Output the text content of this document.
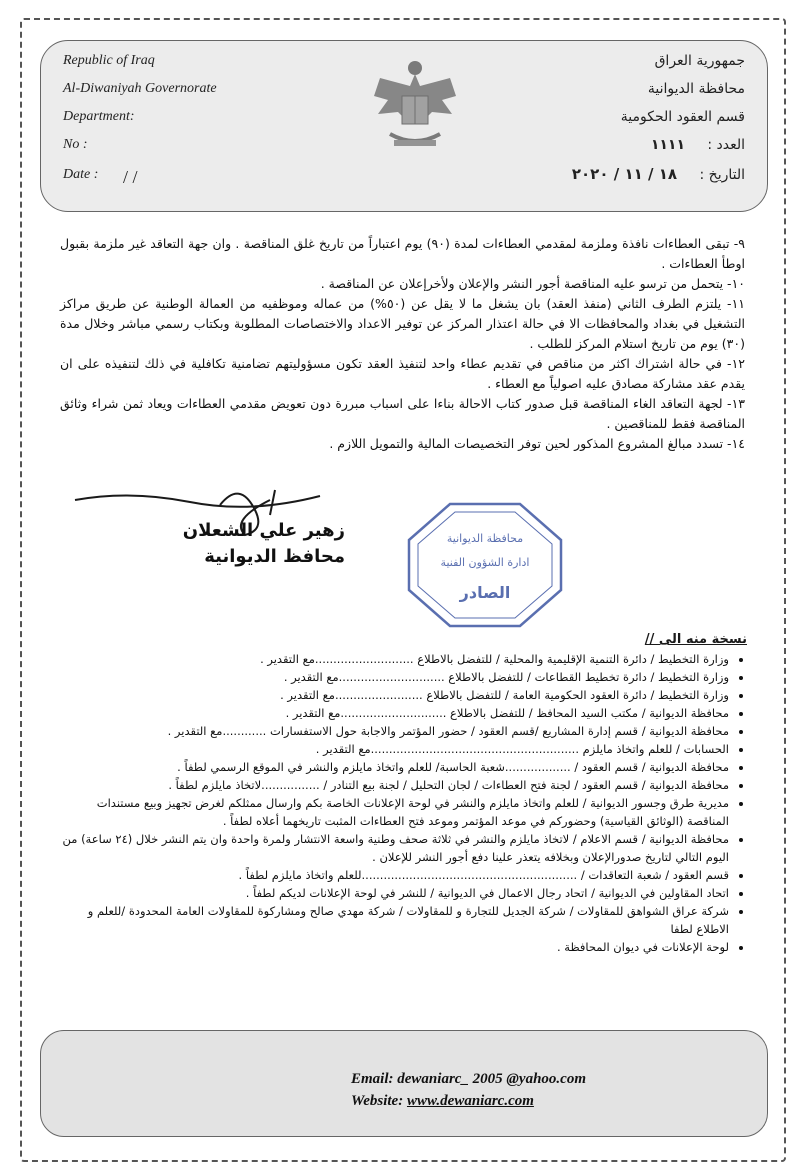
Republic of Iraq
Al-Diwaniyah Governorate
Department:
No :
Date : / /
جمهورية العراق
محافظة الديوانية
قسم العقود الحكومية
العدد :
١١١١
التاريخ :
١٨ / ١١ / ٢٠٢٠

٩- تبقى العطاءات نافذة وملزمة لمقدمي العطاءات لمدة (٩٠) يوم اعتباراً من تاريخ غلق المناقصة . وان جهة التعاقد غير ملزمة بقبول اوطأ العطاءات .

١٠- يتحمل من ترسو عليه المناقصة أجور النشر والإعلان ولأخرإعلان عن المناقصة .

١١- يلتزم الطرف الثاني (منفذ العقد) بان يشغل ما لا يقل عن (٥٠%) من عماله وموظفيه من العمالة الوطنية عن طريق مراكز التشغيل في بغداد والمحافظات الا في حالة اعتذار المركز عن توفير الاعداد والاختصاصات المطلوبة وبكتاب رسمي مباشر وخلال مدة (٣٠) يوم من تاريخ استلام المركز للطلب .

١٢- في حالة اشتراك اكثر من مناقص في تقديم عطاء واحد لتنفيذ العقد تكون مسؤوليتهم تضامنية تكافلية في ذلك لتنفيذه على ان يقدم عقد مشاركة مصادق عليه اصولياً مع العطاء .

١٣- لجهة التعاقد الغاء المناقصة قبل صدور كتاب الاحالة بناءا على اسباب مبررة دون تعويض مقدمي العطاءات ويعاد ثمن شراء وثائق المناقصة فقط للمناقصين .

١٤- تسدد مبالغ المشروع المذكور لحين توفر التخصيصات المالية والتمويل اللازم .

زهير علي الشعلان
محافظ الديوانية
محافظة الديوانية
ادارة الشؤون الفنية
الصادر

نسخة منه الى //

• وزارة التخطيط / دائرة التنمية الإقليمية والمحلية / للتفضل بالاطلاع ...........................مع التقدير .
• وزارة التخطيط / دائرة تخطيط القطاعات / للتفضل بالاطلاع .............................مع التقدير .
• وزارة التخطيط / دائرة العقود الحكومية العامة / للتفضل بالاطلاع ........................مع التقدير .
• محافظة الديوانية / مكتب السيد المحافظ / للتفضل بالاطلاع .............................مع التقدير .
• محافظة الديوانية / قسم إدارة المشاريع /قسم العقود / حضور المؤتمر والاجابة حول الاستفسارات ............مع التقدير .
• الحسابات / للعلم واتخاذ مايلزم .........................................................مع التقدير .
• محافظة الديوانية / قسم العقود / ..................شعبة الحاسبة/ للعلم واتخاذ مايلزم والنشر في الموقع الرسمي لطفاً .
• محافظة الديوانية / قسم العقود / لجنة فتح العطاءات / لجان التحليل / لجنة بيع التنادر / ................لاتخاذ مايلزم لطفاً .
• مديرية طرق وجسور الديوانية / للعلم واتخاذ مايلزم والنشر في لوحة الإعلانات الخاصة بكم وارسال ممثلكم لغرض تجهيز وبيع مستندات المناقصة (الوثائق القياسية) وحضوركم في موعد المؤتمر وموعد فتح العطاءات المثبت تاريخهما أعلاه لطفاً .
• محافظة الديوانية / قسم الاعلام / لاتخاذ مايلزم والنشر في ثلاثة صحف وطنية واسعة الانتشار ولمرة واحدة وان يتم النشر خلال (٢٤ ساعة) من اليوم التالي لتاريخ صدورالإعلان وبخلافه يتعذر علينا دفع أجور النشر للإعلان .
• قسم العقود / شعبة التعاقدات / ...........................................................للعلم واتخاذ مايلزم لطفاً .
• اتحاد المقاولين في الديوانية / اتحاد رجال الاعمال في الديوانية / للنشر في لوحة الإعلانات لديكم لطفاً .
• شركة عراق الشواهق للمقاولات / شركة الجديل للتجارة و للمقاولات / شركة مهدي صالح ومشاركوة للمقاولات العامة المحدودة /للعلم و الاطلاع لطفا
• لوحة الإعلانات في ديوان المحافظة .
Email: dewaniarc_ 2005 @yahoo.com
Website: www.dewaniarc.com
